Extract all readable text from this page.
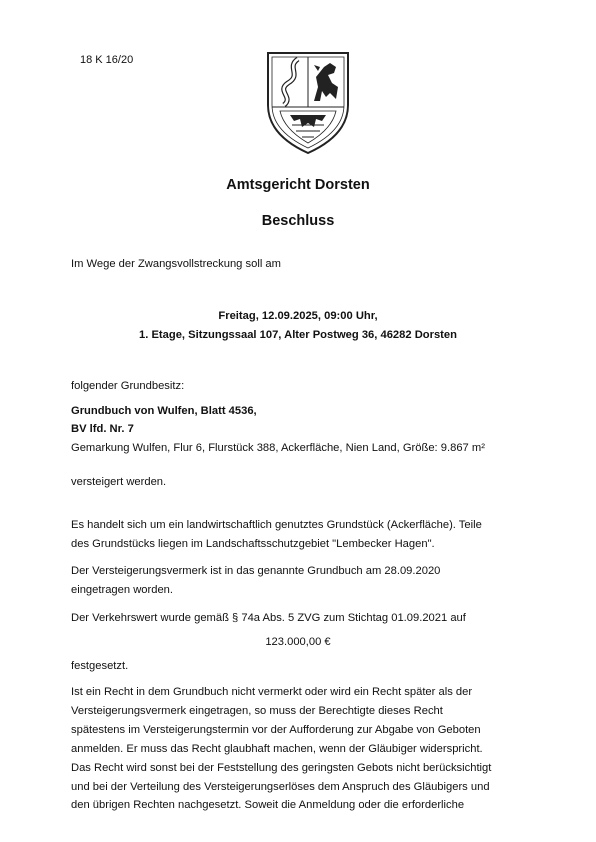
18 K 16/20
Amtsgericht Dorsten
Beschluss
Im Wege der Zwangsvollstreckung soll am
Freitag, 12.09.2025, 09:00 Uhr,
1. Etage, Sitzungssaal 107, Alter Postweg 36, 46282 Dorsten
folgender Grundbesitz:
Grundbuch von Wulfen, Blatt 4536,
BV lfd. Nr. 7
Gemarkung Wulfen, Flur 6, Flurstück 388, Ackerfläche, Nien Land, Größe: 9.867 m²
versteigert werden.
Es handelt sich um ein landwirtschaftlich genutztes Grundstück (Ackerfläche). Teile
des Grundstücks liegen im Landschaftsschutzgebiet "Lembecker Hagen".
Der Versteigerungsvermerk ist in das genannte Grundbuch am 28.09.2020
eingetragen worden.
Der Verkehrswert wurde gemäß § 74a Abs. 5 ZVG zum Stichtag 01.09.2021 auf
123.000,00 €
festgesetzt.
Ist ein Recht in dem Grundbuch nicht vermerkt oder wird ein Recht später als der
Versteigerungsvermerk eingetragen, so muss der Berechtigte dieses Recht
spätestens im Versteigerungstermin vor der Aufforderung zur Abgabe von Geboten
anmelden. Er muss das Recht glaubhaft machen, wenn der Gläubiger widerspricht.
Das Recht wird sonst bei der Feststellung des geringsten Gebots nicht berücksichtigt
und bei der Verteilung des Versteigerungserlöses dem Anspruch des Gläubigers und
den übrigen Rechten nachgesetzt. Soweit die Anmeldung oder die erforderliche
